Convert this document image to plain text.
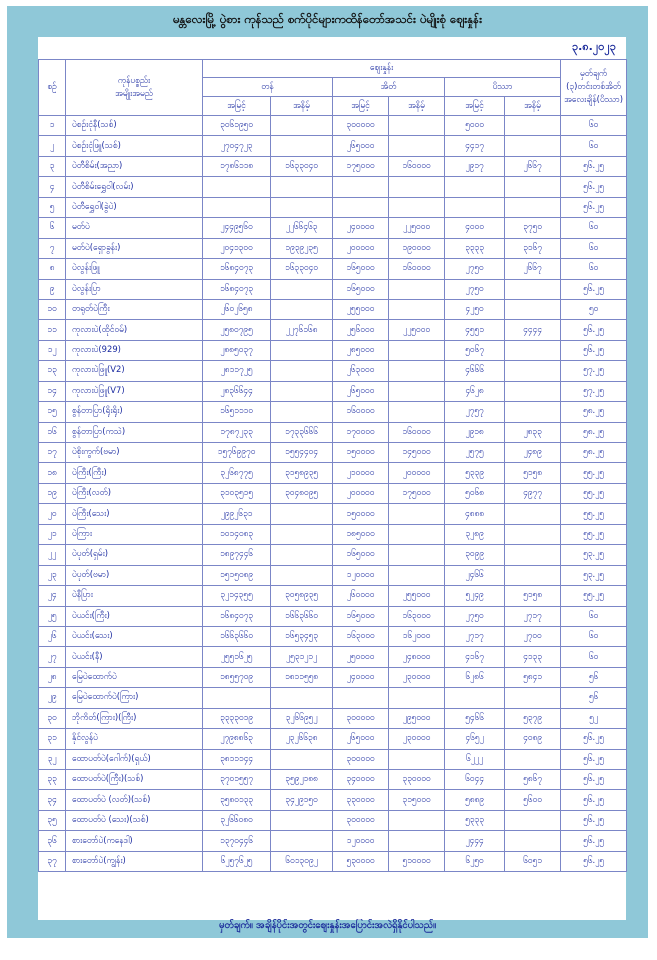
မန္တလေးမြို့ ပွဲစား ကုန်သည် စက်ပိုင်များကထိန်တော်အသင်း ပဲမျိုးစုံ ဈေးနှုန်း
၃.၈.၂၀၂၃
စဉ်	ကုန်ပစ္စည်း
အမျိုးအမည်	ဈေးနှုန်း						မှတ်ချက်
(၃)တင်းတစ်အိတ်
အလေးချိန်(ပိဿာ)
		တန်		အိတ်		ပိဿာ		
		အမြင့်	အနိမ့်	အမြင့်	အနိမ့်	အမြင့်	အနိမ့်	
၁	ပဲစဉ်းငုံနီ(သစ်)	၃၀၆၁၉၅၀		၃၀၀၀၀၀		၅၀၀၀		၆၀
၂	ပဲစဉ်းငုံဖြူ(သစ်)	၂၇၀၄၇၂၃		၂၆၅၀၀၀		၄၄၁၇		၆၀
၃	ပဲတီစိမ်း(အညာ)	၁၇၈၆၁၁၈	၁၆၃၃၀၄၀	၁၇၅၀၀၀	၁၆၀၀၀၀	၂၉၁၇	၂၆၆၇	၅၆.၂၅
၄	ပဲတီစိမ်းရွှေဝါ(လမ်း)							၅၆.၂၅
၅	ပဲတီရွှေဝါ(ခွဲပဲ)							၅၆.၂၅
၆	မတ်ပဲ	၂၄၄၉၅၆၀	၂၂၆၆၄၆၃	၂၄၀၀၀၀	၂၂၅၀၀၀	၄၀၀၀	၃၇၅၀	၆၀
၇	မတ်ပဲ(ရှောခွန်း)	၂၀၄၁၃၀၀	၁၉၃၉၂၃၅	၂၀၀၀၀၀	၁၉၀၀၀၀	၃၃၃၃	၃၁၆၇	၆၀
၈	ပဲလွန်းဖြူ	၁၆၈၄၀၇၃	၁၆၃၃၀၄၀	၁၆၅၀၀၀	၁၆၀၀၀၀	၂၇၅၀	၂၆၆၇	၆၀
၉	ပဲလွန်းပြာ	၁၆၈၄၀၇၃		၁၆၅၀၀၀		၂၇၅၀		၅၆.၂၅
၁၀	တရုတ်ပဲကြီး	၂၆၀၂၆၅၈		၂၅၅၀၀၀		၄၂၅၀		၅၀
၁၁	ကုလားပဲ(ထိုင်ဝမ်)	၂၅၈၀၇၉၅	၂၂၇၆၁၆၈	၂၅၆၀၀၀	၂၂၅၀၀၀	၄၅၅၁	၄၄၄၄	၅၆.၂၅
၁၂	ကုလားပဲ(929)	၂၈၈၅၀၃၇		၂၈၅၀၀၀		၅၀၆၇		၅၆.၂၅
၁၃	ကုလားပဲဖြူ(V2)	၂၈၁၁၇၂၅		၂၆၃၀၀၀		၄၆၆၆		၅၇.၂၅
၁၄	ကုလားပဲဖြူ(V7)	၂၈၃၆၆၄၄		၂၆၅၀၀၀		၄၆၂၈		၅၇.၂၅
၁၅	စွန်တာပြာ(ရိုးရိုး)	၁၆၅၁၁၁၀		၁၆၀၀၀၀		၂၇၅၇		၅၈.၂၅
၁၆	စွန်တာပြာ(ကသဲ)	၁၇၈၇၂၃၃	၁၇၃၃၆၆၆	၁၇၀၀၀၀	၁၆၀၀၀၀	၂၉၁၈	၂၈၃၃	၅၈.၂၅
၁၇	ပဲစိုးကွက်(ဗမာ)	၁၅၇၆၉၉၇၀	၁၅၅၄၄၀၄	၁၅၀၀၀၀	၁၄၅၀၀၀	၂၅၇၅	၂၄၈၉	၅၈.၂၅
၁၈	ပဲကြီး(ကြီး)	၃၂၆၈၇၇၅	၃၁၅၈၉၃၅	၂၁၀၀၀၀	၂၀၀၀၀၀	၅၃၃၉	၅၁၅၈	၅၅.၂၅
၁၉	ပဲကြီး(လတ်)	၃၁၀၃၅၁၅	၃၀၄၈၀၉၅	၂၀၀၀၀၀	၁၇၅၀၀၀	၅၀၆၈	၄၉၇၇	၅၅.၂၅
၂၀	ပဲကြီး(သေး)	၂၉၉၂၆၃၁		၁၅၀၀၀၀		၄၈၈၈		၅၅.၂၅
၂၁	ပဲကြား	၁၀၁၄၀၈၃		၁၈၅၀၀၀		၃၂၈၉		၅၅.၂၅
၂၂	ပဲပုတ်(ရှမ်း)	၁၈၉၇၄၄၆		၁၆၅၀၀၀		၃၀၉၉		၅၃.၂၅
၂၃	ပဲပုတ်(ဗမာ)	၁၅၁၅၀၈၉		၁၂၀၀၀၀		၂၄၆၆		၅၃.၂၅
၂၄	ပဲနီပြား	၃၂၁၄၃၅၅	၃၀၅၈၉၃၅	၂၆၀၀၀၀	၂၅၅၀၀၀	၅၂၄၉	၅၁၅၈	၅၅.၂၅
၂၅	ပဲယင်း(ကြီး)	၁၆၈၄၀၇၃	၁၆၆၃၆၆၀	၁၆၅၀၀၀	၁၆၃၀၀၀	၂၇၅၀	၂၇၁၇	၆၀
၂၆	ပဲယင်း(သေး)	၁၆၆၃၆၆၀	၁၆၅၃၄၅၃	၁၆၃၀၀၀	၁၆၂၀၀၀	၂၇၁၇	၂၇၀၀	၆၀
၂၇	ပဲယင်း(နီ)	၂၅၅၁၆၂၅	၂၅၃၁၂၁၂	၂၅၀၀၀၀	၂၄၈၀၀၀	၄၁၆၇	၄၁၃၃	၆၀
၂၈	မြေပဲထောက်ပဲ	၁၈၅၅၇၀၉	၁၈၁၁၅၅၈	၂၄၀၀၀၀	၂၃၀၀၀၀	၆၂၈၆	၅၈၄၁	၅၆
၂၉	မြေပဲထောက်ပဲ(ကြား)							၅၆
၃၀	ဘိုကိတ်(ကြား)(ကြီး)	၃၃၃၃၀၁၉	၃၂၆၆၉၅၂	၃၀၀၀၀၀	၂၉၅၀၀၀	၅၄၆၆	၅၃၇၉	၅၂
၃၁	နိုင်လွန်ပဲ	၂၇၉၈၈၆၃	၂၃၂၆၆၃၈	၂၆၅၀၀၀	၂၃၀၀၀၀	၄၆၅၂	၄၀၈၉	၅၆.၂၅
၃၂	ထောပတ်ပဲ(ဂေါက်)(ရှယ်)	၃၈၁၁၁၄၄		၃၀၀၀၀၀		၆၂၂၂		၅၆.၂၅
၃၃	ထောပတ်ပဲ(ကြီး)(သစ်)	၃၇၀၁၅၅၇	၃၅၉၂၁၈၈	၃၄၀၀၀၀	၃၃၀၀၀၀	၆၀၄၄	၅၈၆၇	၅၆.၂၅
၃၄	ထောပတ်ပဲ (လတ်)(သစ်)	၃၅၈၀၁၃၃	၃၄၂၉၁၅၀	၃၃၀၀၀၀	၃၁၅၀၀၀	၅၈၈၉	၅၆၀၀	၅၆.၂၅
၃၅	ထောပတ်ပဲ (သေး)(သစ်)	၃၂၆၆၀၈၀		၃၀၀၀၀၀		၅၃၃၃		၅၆.၂၅
၃၆	စားတော်ပဲ(ကနေဒါ)	၁၃၇၀၄၄၆		၁၂၀၀၀၀		၂၄၄၄		၅၆.၂၅
၃၇	စားတော်ပဲ(ကျွန်း)	၆၂၅၇၆၂၅	၆၀၁၃၀၉၂	၅၃၀၀၀၀	၅၁၀၀၀၀	၆၂၅၀	၆၀၅၁	၅၆.၂၅
မှတ်ချက်။ အချိန်ပိုင်းအတွင်းဈေးနှုန်းအပြောင်းအလဲရှိနိုင်ပါသည်။
